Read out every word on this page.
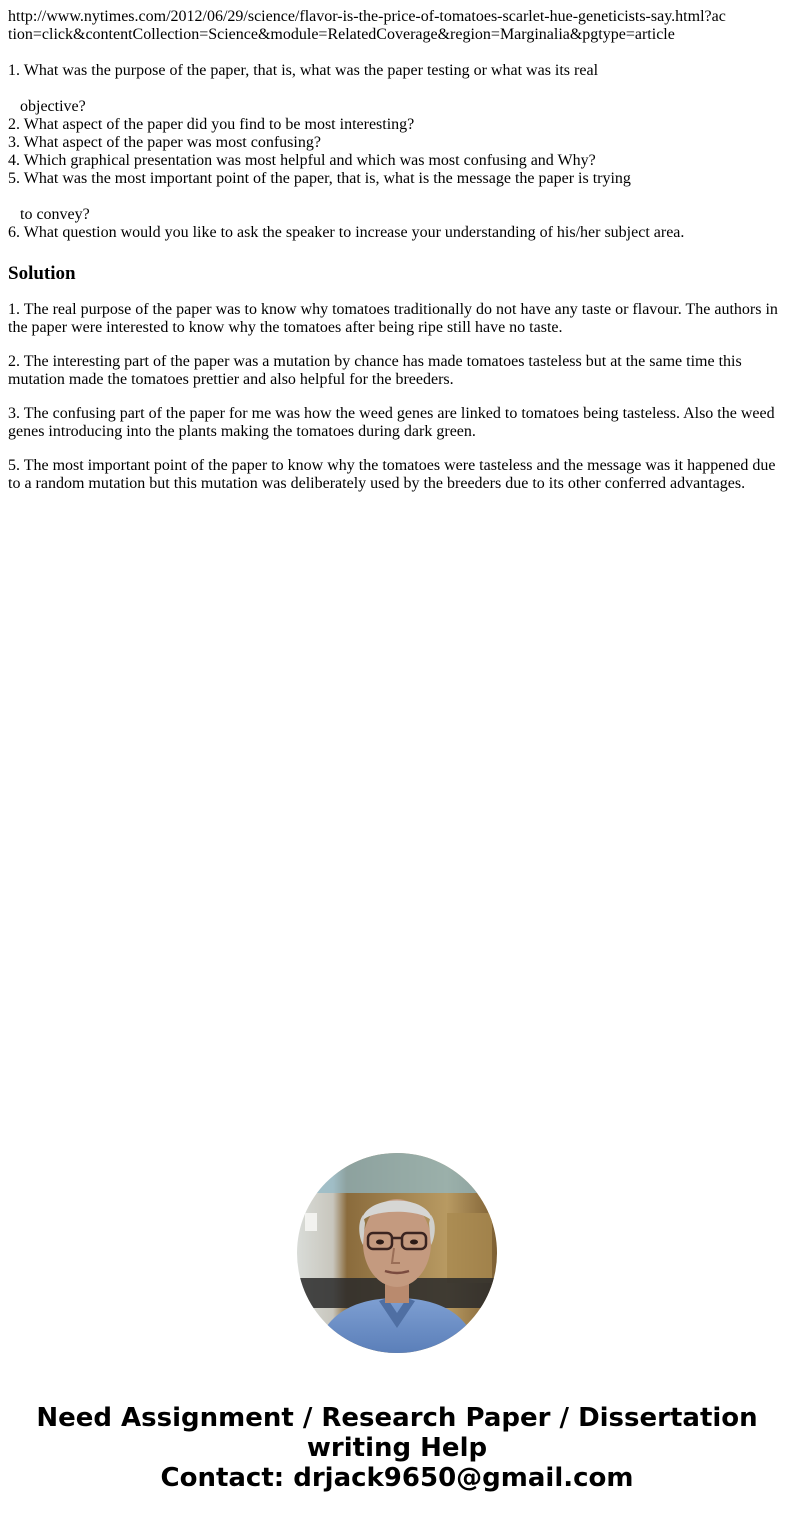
http://www.nytimes.com/2012/06/29/science/flavor-is-the-price-of-tomatoes-scarlet-hue-geneticists-say.html?action=click&contentCollection=Science&module=RelatedCoverage&region=Marginalia&pgtype=article
1. What was the purpose of the paper, that is, what was the paper testing or what was its real
objective?
2. What aspect of the paper did you find to be most interesting?
3. What aspect of the paper was most confusing?
4. Which graphical presentation was most helpful and which was most confusing and Why?
5. What was the most important point of the paper, that is, what is the message the paper is trying
to convey?
6. What question would you like to ask the speaker to increase your understanding of his/her subject area.
Solution

1. The real purpose of the paper was to know why tomatoes traditionally do not have any taste or flavour. The authors in the paper were interested to know why the tomatoes after being ripe still have no taste.

2. The interesting part of the paper was a mutation by chance has made tomatoes tasteless but at the same time this mutation made the tomatoes prettier and also helpful for the breeders.

3. The confusing part of the paper for me was how the weed genes are linked to tomatoes being tasteless. Also the weed genes introducing into the plants making the tomatoes during dark green.

5. The most important point of the paper to know why the tomatoes were tasteless and the message was it happened due to a random mutation but this mutation was deliberately used by the breeders due to its other conferred advantages.

Need Assignment / Research Paper / Dissertation
writing Help
Contact: drjack9650@gmail.com
